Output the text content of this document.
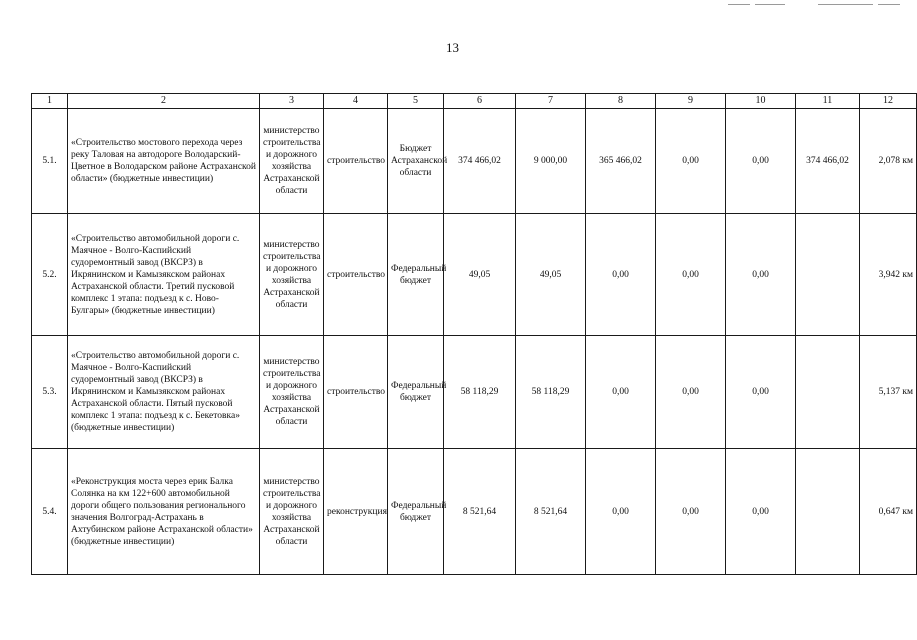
13
1	2	3	4	5	6	7	8	9	10	11	12
5.1.	«Строительство мостового перехода через реку Таловая на автодороге Володарский-Цветное в Володарском районе Астраханской области» (бюджетные инвестиции)	министерство строительства и дорожного хозяйства Астраханской области	строительство	Бюджет Астраханской области	374 466,02	9 000,00	365 466,02	0,00	0,00	374 466,02	2,078 км
5.2.	«Строительство автомобильной дороги с. Маячное - Волго-Каспийский судоремонтный завод (ВКСРЗ) в Икрянинском и Камызякском районах Астраханской области. Третий пусковой комплекс 1 этапа: подъезд к с. Ново-Булгары» (бюджетные инвестиции)	министерство строительства и дорожного хозяйства Астраханской области	строительство	Федеральный бюджет	49,05	49,05	0,00	0,00	0,00		3,942 км
5.3.	«Строительство автомобильной дороги с. Маячное - Волго-Каспийский судоремонтный завод (ВКСРЗ) в Икрянинском и Камызякском районах Астраханской области. Пятый пусковой комплекс 1 этапа: подъезд к с. Бекетовка» (бюджетные инвестиции)	министерство строительства и дорожного хозяйства Астраханской области	строительство	Федеральный бюджет	58 118,29	58 118,29	0,00	0,00	0,00		5,137 км
5.4.	«Реконструкция моста через ерик Балка Солянка на км 122+600 автомобильной дороги общего пользования регионального значения Волгоград-Астрахань в Ахтубинском районе Астраханской области» (бюджетные инвестиции)	министерство строительства и дорожного хозяйства Астраханской области	реконструкция	Федеральный бюджет	8 521,64	8 521,64	0,00	0,00	0,00		0,647 км
